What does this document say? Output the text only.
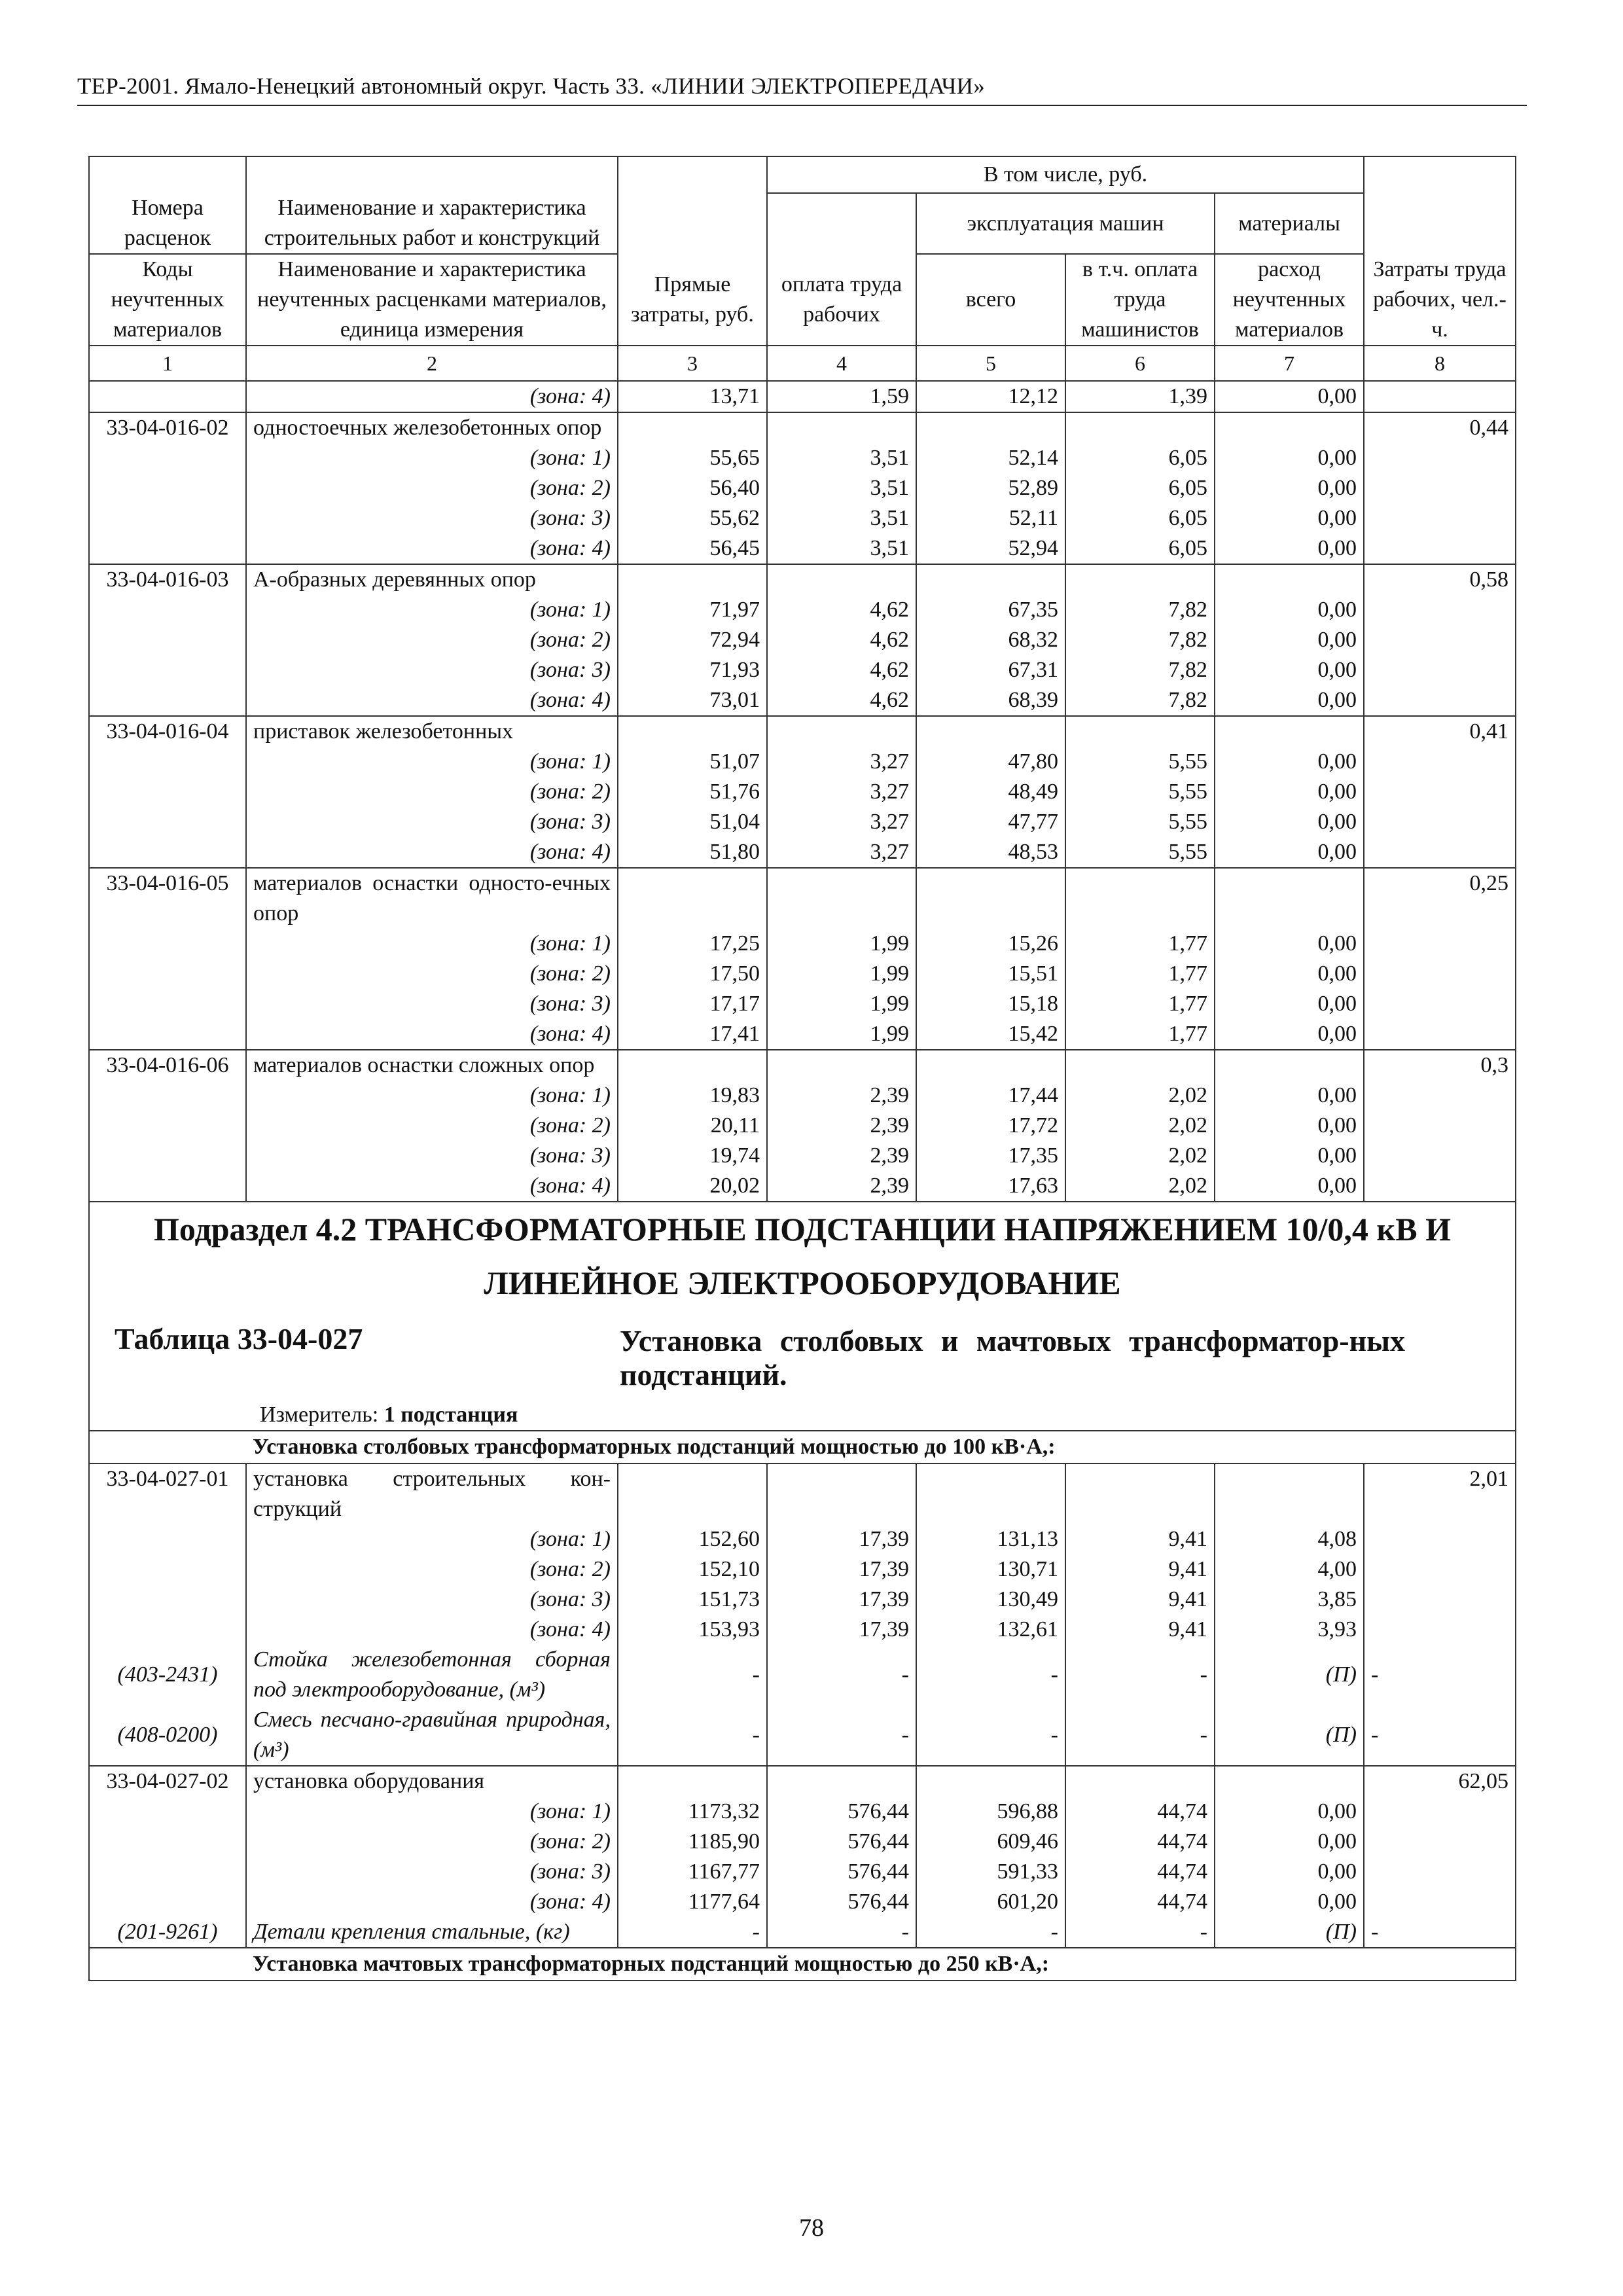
ТЕР-2001. Ямало-Ненецкий автономный округ. Часть 33. «ЛИНИИ ЭЛЕКТРОПЕРЕДАЧИ»
			В том числе, руб.				
Номера расценок	Наименование и характеристика строительных работ и конструкций			эксплуатация машин		материалы	
Коды неучтенных материалов	Наименование и характеристика неучтенных расценками материалов, единица измерения	Прямые затраты, руб.	оплата труда рабочих	всего	в т.ч. оплата труда машинистов	расход неучтенных материалов	Затраты труда рабочих, чел.-ч.
1	2	3	4	5	6	7	8
	(зона: 4)	13,71	1,59	12,12	1,39	0,00	
33-04-016-02	одностоечных железобетонных опор						0,44
	(зона: 1)	55,65	3,51	52,14	6,05	0,00	
	(зона: 2)	56,40	3,51	52,89	6,05	0,00	
	(зона: 3)	55,62	3,51	52,11	6,05	0,00	
	(зона: 4)	56,45	3,51	52,94	6,05	0,00	
33-04-016-03	А-образных деревянных опор						0,58
	(зона: 1)	71,97	4,62	67,35	7,82	0,00	
	(зона: 2)	72,94	4,62	68,32	7,82	0,00	
	(зона: 3)	71,93	4,62	67,31	7,82	0,00	
	(зона: 4)	73,01	4,62	68,39	7,82	0,00	
33-04-016-04	приставок железобетонных						0,41
	(зона: 1)	51,07	3,27	47,80	5,55	0,00	
	(зона: 2)	51,76	3,27	48,49	5,55	0,00	
	(зона: 3)	51,04	3,27	47,77	5,55	0,00	
	(зона: 4)	51,80	3,27	48,53	5,55	0,00	
33-04-016-05	материалов оснастки односто-ечных опор						0,25
	(зона: 1)	17,25	1,99	15,26	1,77	0,00	
	(зона: 2)	17,50	1,99	15,51	1,77	0,00	
	(зона: 3)	17,17	1,99	15,18	1,77	0,00	
	(зона: 4)	17,41	1,99	15,42	1,77	0,00	
33-04-016-06	материалов оснастки сложных опор						0,3
	(зона: 1)	19,83	2,39	17,44	2,02	0,00	
	(зона: 2)	20,11	2,39	17,72	2,02	0,00	
	(зона: 3)	19,74	2,39	17,35	2,02	0,00	
	(зона: 4)	20,02	2,39	17,63	2,02	0,00	

Подраздел 4.2 ТРАНСФОРМАТОРНЫЕ ПОДСТАНЦИИ НАПРЯЖЕНИЕМ 10/0,4 кВ И
ЛИНЕЙНОЕ ЭЛЕКТРООБОРУДОВАНИЕ
Таблица 33-04-027 Установка столбовых и мачтовых трансформатор-ных подстанций.
Измеритель: 1 подстанция							

	Установка столбовых трансформаторных подстанций мощностью до 100 кВ·А,:						
33-04-027-01	установка строительных кон-струкций						2,01
	(зона: 1)	152,60	17,39	131,13	9,41	4,08	
	(зона: 2)	152,10	17,39	130,71	9,41	4,00	
	(зона: 3)	151,73	17,39	130,49	9,41	3,85	
	(зона: 4)	153,93	17,39	132,61	9,41	3,93	
(403-2431)	Стойка железобетонная сборная под электрооборудование, (м³)	-	-	-	-	(П)	-
(408-0200)	Смесь песчано-гравийная природная, (м³)	-	-	-	-	(П)	-
33-04-027-02	установка оборудования						62,05
	(зона: 1)	1173,32	576,44	596,88	44,74	0,00	
	(зона: 2)	1185,90	576,44	609,46	44,74	0,00	
	(зона: 3)	1167,77	576,44	591,33	44,74	0,00	
	(зона: 4)	1177,64	576,44	601,20	44,74	0,00	
(201-9261)	Детали крепления стальные, (кг)	-	-	-	-	(П)	-
	Установка мачтовых трансформаторных подстанций мощностью до 250 кВ·А,:						
78
